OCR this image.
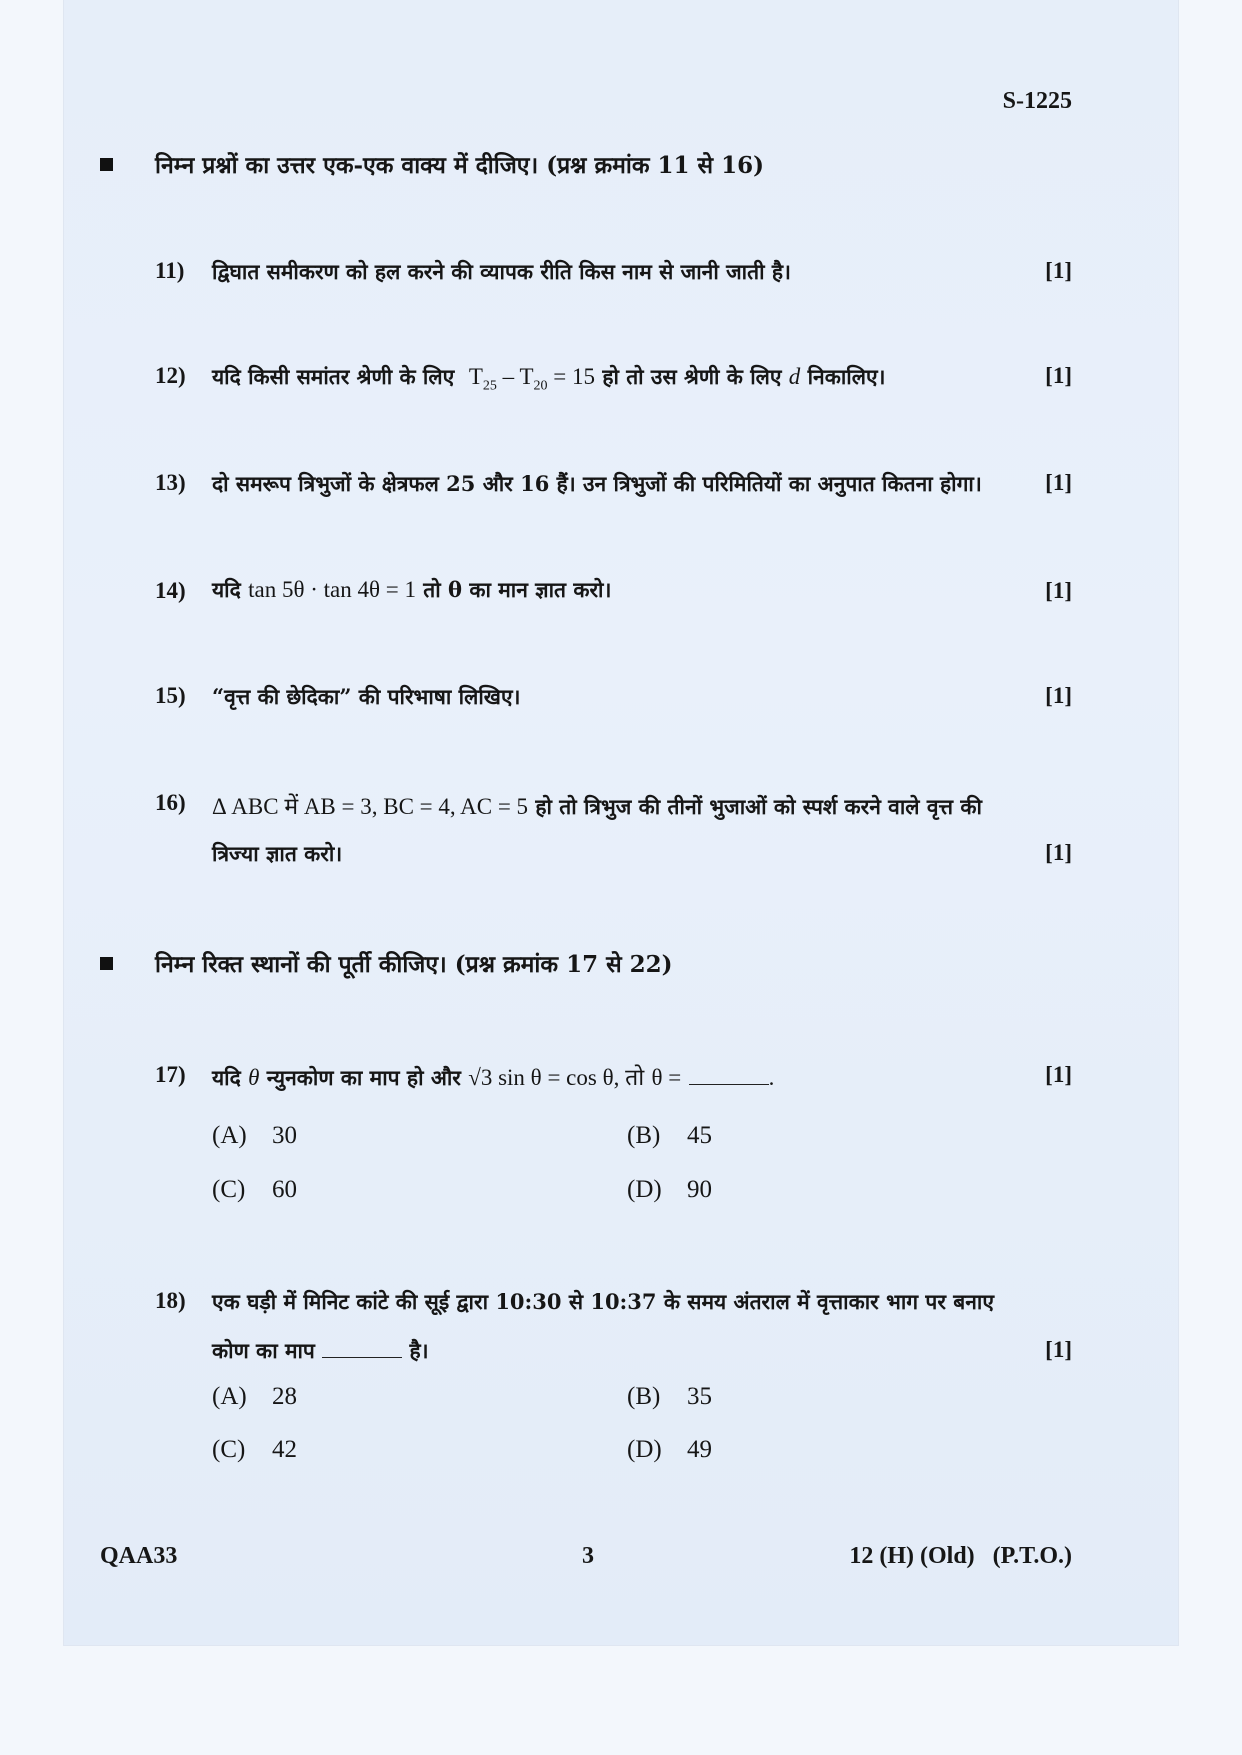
S-1225
निम्न प्रश्नों का उत्तर एक-एक वाक्य में दीजिए। (प्रश्न क्रमांक 11 से 16)
11) द्विघात समीकरण को हल करने की व्यापक रीति किस नाम से जानी जाती है।	[1]
12) यदि किसी समांतर श्रेणी के लिए $T_{25} - T_{20} = 15$ हो तो उस श्रेणी के लिए d निकालिए।	[1]
13) दो समरूप त्रिभुजों के क्षेत्रफल 25 और 16 हैं। उन त्रिभुजों की परिमितियों का अनुपात कितना होगा।	[1]
14) यदि tan 5θ · tan 4θ = 1 तो θ का मान ज्ञात करो।	[1]
15) “वृत्त की छेदिका” की परिभाषा लिखिए।	[1]
16) Δ ABC में AB = 3, BC = 4, AC = 5 हो तो त्रिभुज की तीनों भुजाओं को स्पर्श करने वाले वृत्त की
त्रिज्या ज्ञात करो।	[1]
निम्न रिक्त स्थानों की पूर्ती कीजिए। (प्रश्न क्रमांक 17 से 22)
17) यदि θ न्युनकोण का माप हो और √3 sin θ = cos θ, तो θ =	.	[1]
(A) 30	(B) 45
(C) 60	(D) 90
18) एक घड़ी में मिनिट कांटे की सूई द्वारा 10:30 से 10:37 के समय अंतराल में वृत्ताकार भाग पर बनाए
कोण का माप	है।	[1]
(A) 28	(B) 35
(C) 42	(D) 49
QAA33	3	12 (H) (Old)   (P.T.O.)
